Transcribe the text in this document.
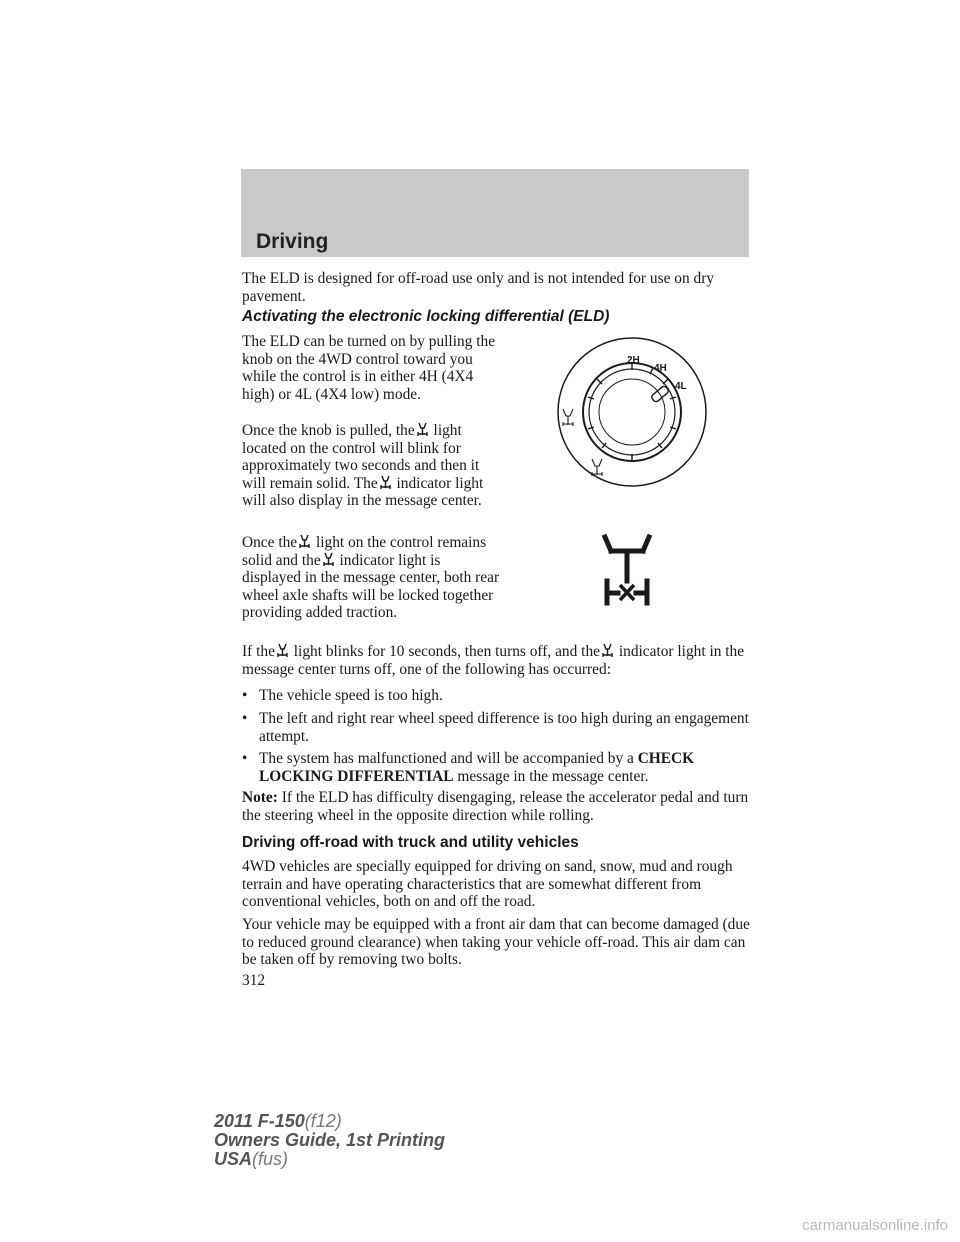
Driving

The ELD is designed for off-road use only and is not intended for use on dry pavement.

Activating the electronic locking differential (ELD)

The ELD can be turned on by pulling the knob on the 4WD control toward you while the control is in either 4H (4X4 high) or 4L (4X4 low) mode.

Once the knob is pulled, the light located on the control will blink for approximately two seconds and then it will remain solid. The indicator light will also display in the message center.

Once the light on the control remains solid and the indicator light is displayed in the message center, both rear wheel axle shafts will be locked together providing added traction.

If the light blinks for 10 seconds, then turns off, and the indicator light in the message center turns off, one of the following has occurred:

2H
4H
4L
• The vehicle speed is too high.
• The left and right rear wheel speed difference is too high during an engagement attempt.
• The system has malfunctioned and will be accompanied by a CHECK LOCKING DIFFERENTIAL message in the message center.

Note: If the ELD has difficulty disengaging, release the accelerator pedal and turn the steering wheel in the opposite direction while rolling.

Driving off-road with truck and utility vehicles

4WD vehicles are specially equipped for driving on sand, snow, mud and rough terrain and have operating characteristics that are somewhat different from conventional vehicles, both on and off the road.

Your vehicle may be equipped with a front air dam that can become damaged (due to reduced ground clearance) when taking your vehicle off-road. This air dam can be taken off by removing two bolts.

312
2011 F-150(f12)
Owners Guide, 1st Printing
USA(fus)
carmanualsonline.info
